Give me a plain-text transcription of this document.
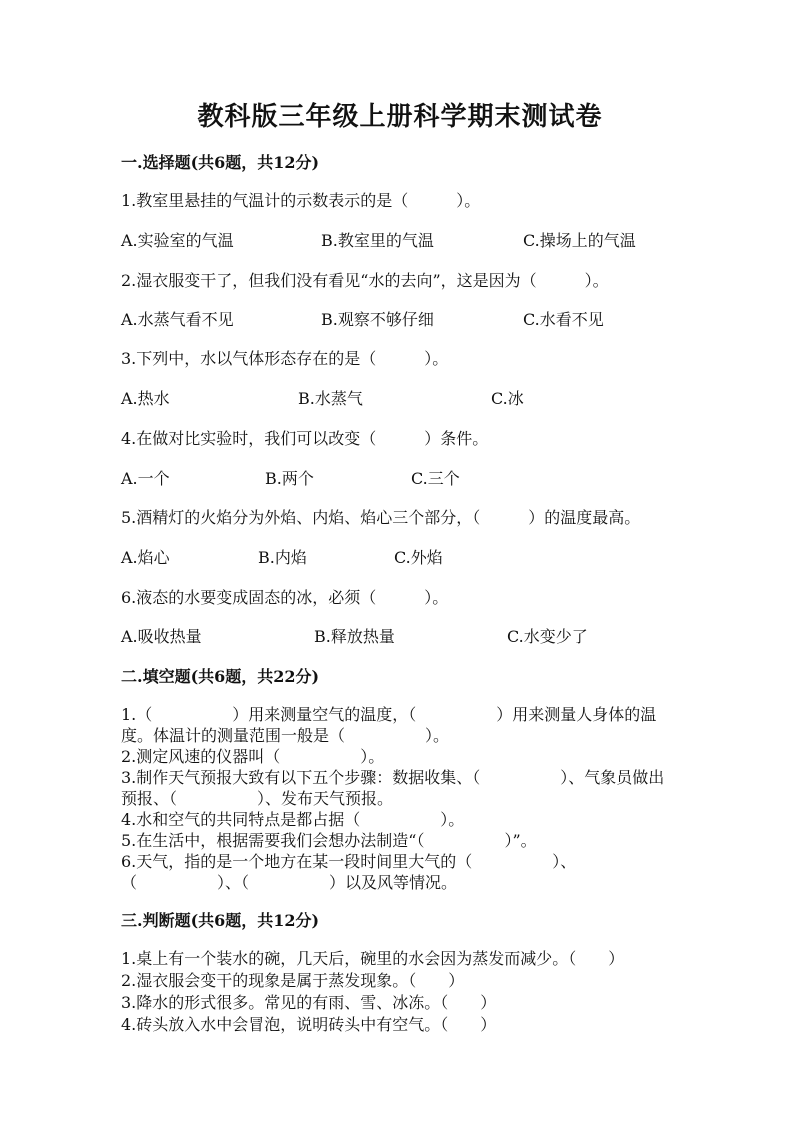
教科版三年级上册科学期末测试卷
一.选择题(共6题，共12分)
1.教室里悬挂的气温计的示数表示的是（　　　）。
A.实验室的气温	B.教室里的气温	C.操场上的气温
2.湿衣服变干了，但我们没有看见“水的去向”，这是因为（　　　）。
A.水蒸气看不见	B.观察不够仔细	C.水看不见
3.下列中，水以气体形态存在的是（　　　）。
A.热水	B.水蒸气	C.冰
4.在做对比实验时，我们可以改变（　　　）条件。
A.一个	B.两个	C.三个
5.酒精灯的火焰分为外焰、内焰、焰心三个部分，（　　　）的温度最高。
A.焰心	B.内焰	C.外焰
6.液态的水要变成固态的冰，必须（　　　）。
A.吸收热量	B.释放热量	C.水变少了
二.填空题(共6题，共22分)
1.（　　　　　）用来测量空气的温度，（　　　　　）用来测量人身体的温
度。体温计的测量范围一般是（　　　　　）。
2.测定风速的仪器叫（　　　　　）。
3.制作天气预报大致有以下五个步骤：数据收集、（　　　　　）、气象员做出
预报、（　　　　　）、发布天气预报。
4.水和空气的共同特点是都占据（　　　　　）。
5.在生活中，根据需要我们会想办法制造“（　　　　　）”。
6.天气，指的是一个地方在某一段时间里大气的（　　　　　）、
（　　　　　）、（　　　　　）以及风等情况。
三.判断题(共6题，共12分)
1.桌上有一个装水的碗，几天后，碗里的水会因为蒸发而减少。（　　）
2.湿衣服会变干的现象是属于蒸发现象。（　　）
3.降水的形式很多。常见的有雨、雪、冰冻。（　　）
4.砖头放入水中会冒泡，说明砖头中有空气。（　　）
